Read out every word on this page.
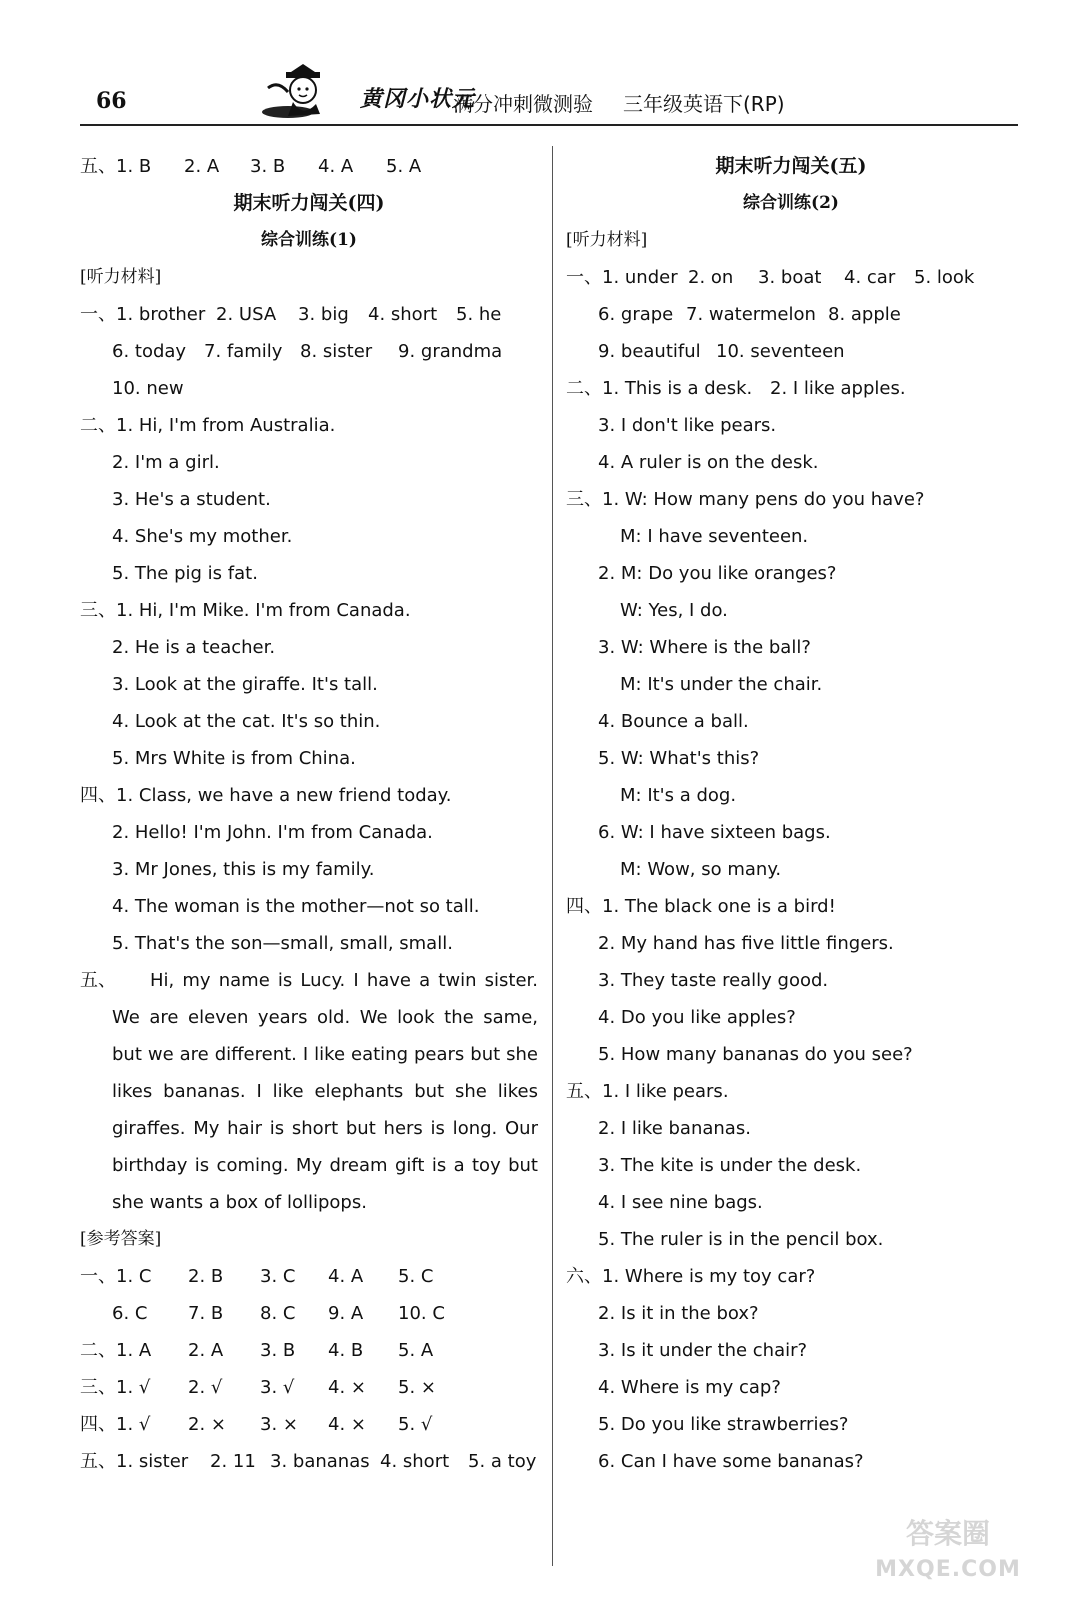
66	黄冈小状元
满分冲刺微测验 三年级英语下(RP)
五、1. B	2. A	3. B	4. A	5. A
期末听力闯关(四)
综合训练(1)
[听力材料]
一、1. brother 2. USA	3. big	4. short	5. he
6. today 7. family 8. sister	9. grandma
10. new
二、1. Hi, I'm from Australia.
2. I'm a girl.
3. He's a student.
4. She's my mother.
5. The pig is fat.
三、1. Hi, I'm Mike. I'm from Canada.
2. He is a teacher.
3. Look at the giraffe. It's tall.
4. Look at the cat. It's so thin.
5. Mrs White is from China.
四、1. Class, we have a new friend today.
2. Hello! I'm John. I'm from Canada.
3. Mr Jones, this is my family.
4. The woman is the mother—not so tall.
5. That's the son—small, small, small.

五、 Hi, my name is Lucy. I have a twin sister. We are eleven years old. We look the same, but we are different. I like eating pears but she likes bananas. I like elephants but she likes giraffes. My hair is short but hers is long. Our birthday is coming. My dream gift is a toy but she wants a box of lollipops.

[参考答案]
一、1. C	2. B	3. C	4. A	5. C
6. C	7. B	8. C	9. A	10. C
二、1. A	2. A	3. B	4. B	5. A
三、1. √	2. √	3. √	4. ×	5. ×
四、1. √	2. ×	3. ×	4. ×	5. √
五、1. sister	2. 11 3. bananas 4. short	5. a toy
期末听力闯关(五)
综合训练(2)
[听力材料]
一、1. under 2. on	3. boat	4. car	5. look
6. grape 7. watermelon 8. apple
9. beautiful 10. seventeen
二、1. This is a desk. 2. I like apples.
3. I don't like pears.
4. A ruler is on the desk.
三、1. W: How many pens do you have?
M: I have seventeen.
2. M: Do you like oranges?
W: Yes, I do.
3. W: Where is the ball?
M: It's under the chair.
4. Bounce a ball.
5. W: What's this?
M: It's a dog.
6. W: I have sixteen bags.
M: Wow, so many.
四、1. The black one is a bird!
2. My hand has five little fingers.
3. They taste really good.
4. Do you like apples?
5. How many bananas do you see?
五、1. I like pears.
2. I like bananas.
3. The kite is under the desk.
4. I see nine bags.
5. The ruler is in the pencil box.
六、1. Where is my toy car?
2. Is it in the box?
3. Is it under the chair?
4. Where is my cap?
5. Do you like strawberries?
6. Can I have some bananas?
答案圈
MXQE.COM
